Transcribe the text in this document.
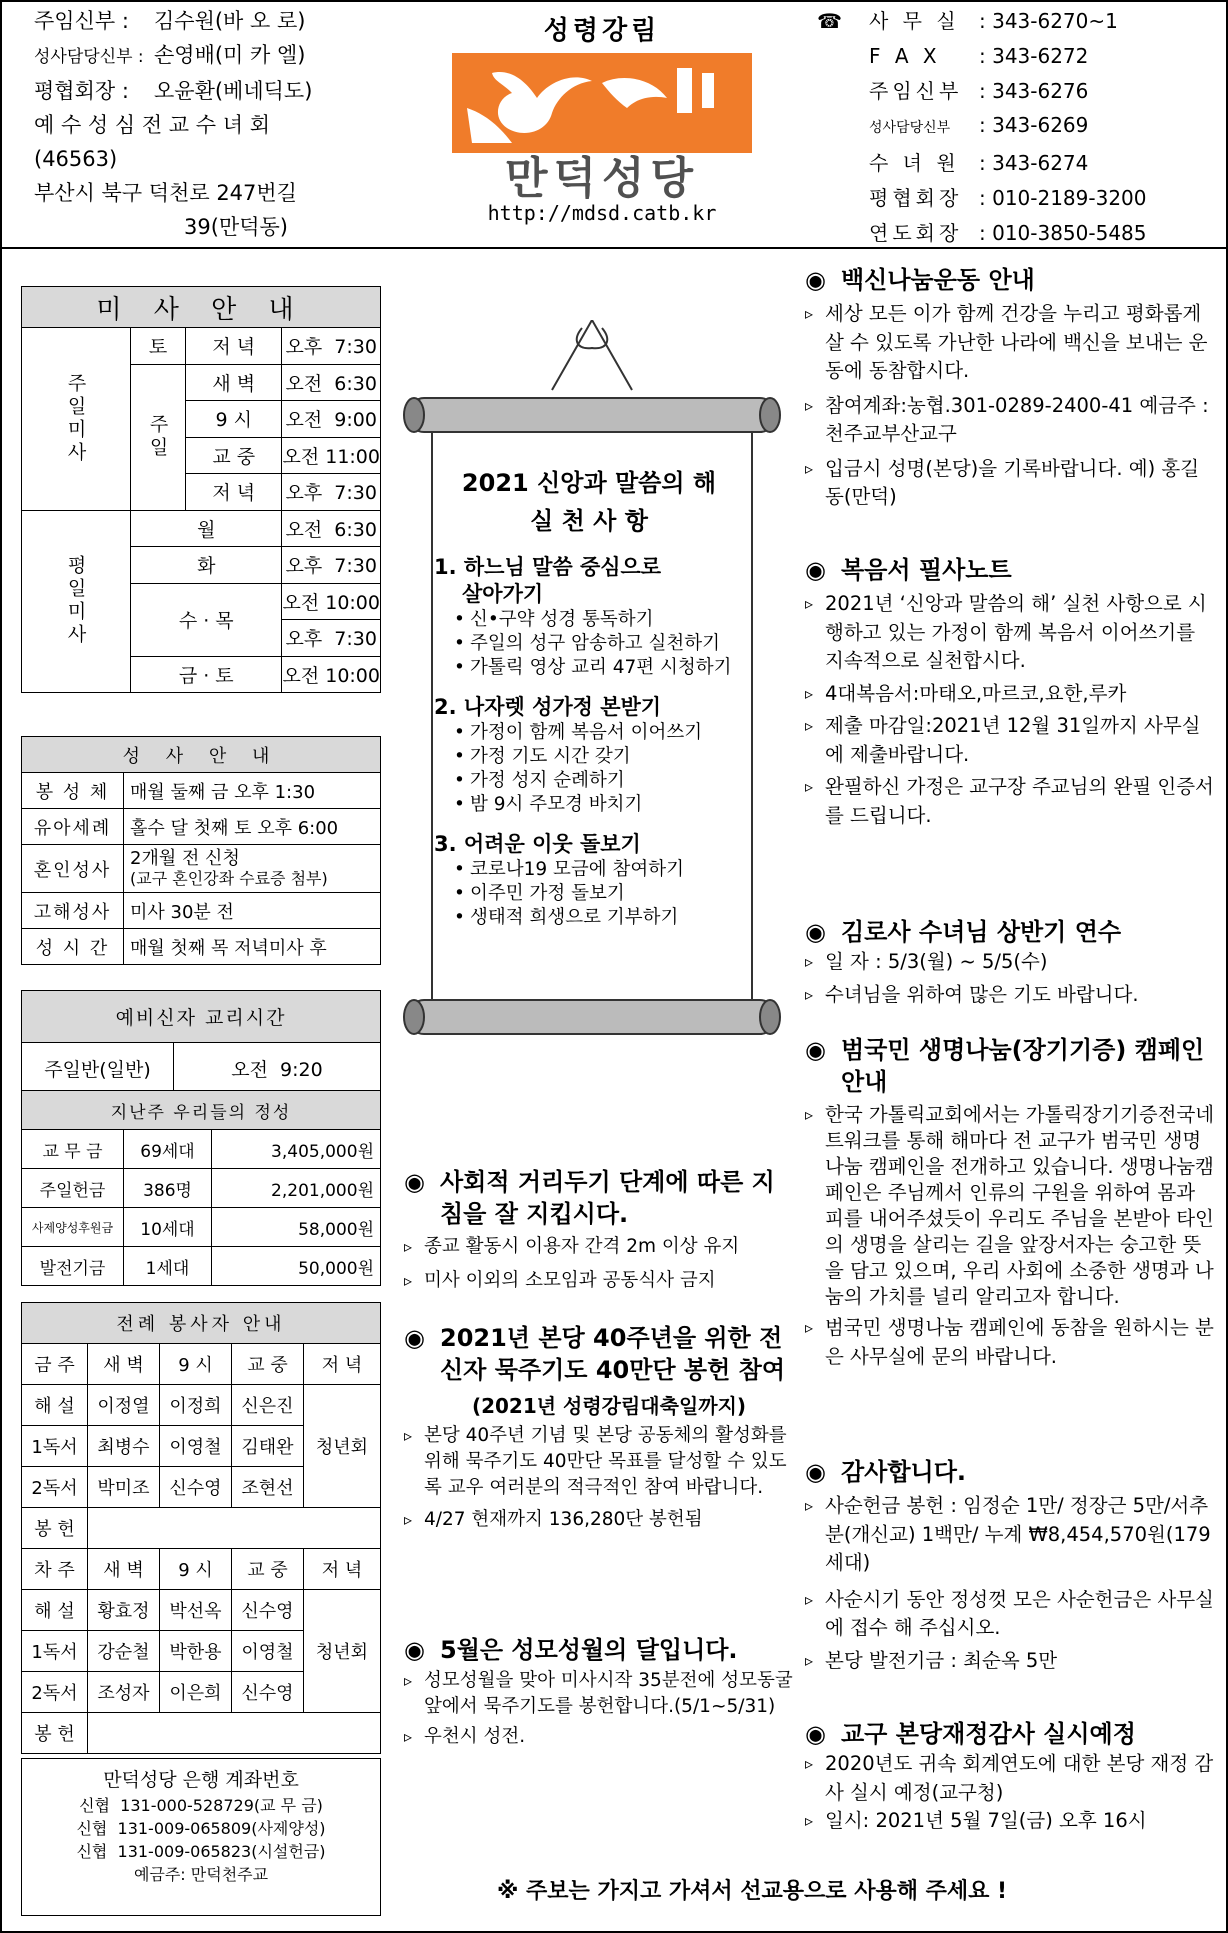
주임신부 : 김수원(바 오 로)
성사담당신부 : 손영배(미 카 엘)
평협회장 : 오윤환(베네딕도)
예 수 성 심 전 교 수 녀 회
(46563)
부산시 북구 덕천로 247번길
39(만덕동)
성령강림
만덕성당
http://mdsd.catb.kr
☎ 사 무 실 : 343-6270~1
F A X : 343-6272
주임신부 : 343-6276
성사담당신부 : 343-6269
수 녀 원 : 343-6274
평협회장 : 010-2189-3200
연도회장 : 010-3850-5485
미 사 안 내			
주일미사	토	저 녁	오후  7:30
	주일	새 벽	오전  6:30
		9 시	오전  9:00
		교 중	오전 11:00
		저 녁	오후  7:30
평일미사	월		오전  6:30
	화		오후  7:30
	수 · 목		오전 10:00
			오후  7:30
	금 · 토		오전 10:00
성 사 안 내	
봉 성 체	매월 둘째 금 오후 1:30
유아세례	홀수 달 첫째 토 오후 6:00
혼인성사	2개월 전 신청
(교구 혼인강좌 수료증 첨부)
고해성사	미사 30분 전
성 시 간	매월 첫째 목 저녁미사 후
예비신자 교리시간
주일반(일반)	오전  9:20
지난주 우리들의 정성		
교 무 금	69세대	3,405,000원
주일헌금	386명	2,201,000원
사제양성후원금	10세대	58,000원
발전기금	1세대	50,000원
전례 봉사자 안내				
금 주	새 벽	9 시	교 중	저 녁
해 설	이정열	이정희	신은진	청년회
1독서	최병수	이영철	김태완	
2독서	박미조	신수영	조현선	
봉 헌				
차 주	새 벽	9 시	교 중	저 녁
해 설	황효정	박선옥	신수영	청년회
1독서	강순철	박한용	이영철	
2독서	조성자	이은희	신수영	
봉 헌				
만덕성당 은행 계좌번호
신협  131-000-528729(교 무 금)
신협  131-009-065809(사제양성)
신협  131-009-065823(시설헌금)
예금주: 만덕천주교
2021 신앙과 말씀의 해
실 천 사 항
1. 하느님 말씀 중심으로
살아가기
• 신•구약 성경 통독하기
• 주일의 성구 암송하고 실천하기
• 가톨릭 영상 교리 47편 시청하기
2. 나자렛 성가정 본받기
• 가정이 함께 복음서 이어쓰기
• 가정 기도 시간 갖기
• 가정 성지 순례하기
• 밤 9시 주모경 바치기
3. 어려운 이웃 돌보기
• 코로나19 모금에 참여하기
• 이주민 가정 돌보기
• 생태적 희생으로 기부하기
◉ 사회적 거리두기 단계에 따른 지침을 잘 지킵시다.
▹ 종교 활동시 이용자 간격 2m 이상 유지
▹ 미사 이외의 소모임과 공동식사 금지
◉ 2021년 본당 40주년을 위한 전신자 묵주기도 40만단 봉헌 참여
(2021년 성령강림대축일까지)
▹ 본당 40주년 기념 및 본당 공동체의 활성화를 위해 묵주기도 40만단 목표를 달성할 수 있도록 교우 여러분의 적극적인 참여 바랍니다.
▹ 4/27 현재까지 136,280단 봉헌됨
◉ 5월은 성모성월의 달입니다.
▹ 성모성월을 맞아 미사시작 35분전에 성모동굴 앞에서 묵주기도를 봉헌합니다.(5/1~5/31)
▹ 우천시 성전.
◉ 백신나눔운동 안내
▹ 세상 모든 이가 함께 건강을 누리고 평화롭게 살 수 있도록 가난한 나라에 백신을 보내는 운동에 동참합시다.
▹ 참여계좌:농협.301-0289-2400-41 예금주 : 천주교부산교구
▹ 입금시 성명(본당)을 기록바랍니다. 예) 홍길동(만덕)
◉ 복음서 필사노트
▹ 2021년 ‘신앙과 말씀의 해’ 실천 사항으로 시행하고 있는 가정이 함께 복음서 이어쓰기를 지속적으로 실천합시다.
▹ 4대복음서:마태오,마르코,요한,루카
▹ 제출 마감일:2021년 12월 31일까지 사무실에 제출바랍니다.
▹ 완필하신 가정은 교구장 주교님의 완필 인증서를 드립니다.
◉ 김로사 수녀님 상반기 연수
▹ 일 자 : 5/3(월) ~ 5/5(수)
▹ 수녀님을 위하여 많은 기도 바랍니다.
◉ 범국민 생명나눔(장기기증) 캠페인 안내
▹ 한국 가톨릭교회에서는 가톨릭장기기증전국네트워크를 통해 해마다 전 교구가 범국민 생명나눔 캠페인을 전개하고 있습니다. 생명나눔캠페인은 주님께서 인류의 구원을 위하여 몸과 피를 내어주셨듯이 우리도 주님을 본받아 타인의 생명을 살리는 길을 앞장서자는 숭고한 뜻을 담고 있으며, 우리 사회에 소중한 생명과 나눔의 가치를 널리 알리고자 합니다.
▹ 범국민 생명나눔 캠페인에 동참을 원하시는 분은 사무실에 문의 바랍니다.
◉ 감사합니다.
▹ 사순헌금 봉헌 : 임정순 1만/ 정장근 5만/서추분(개신교) 1백만/ 누계 ₩8,454,570원(179세대)
▹ 사순시기 동안 정성껏 모은 사순헌금은 사무실에 접수 해 주십시오.
▹ 본당 발전기금 : 최순옥 5만
◉ 교구 본당재정감사 실시예정
▹ 2020년도 귀속 회계연도에 대한 본당 재정 감사 실시 예정(교구청)
▹ 일시: 2021년 5월 7일(금) 오후 16시
※ 주보는 가지고 가셔서 선교용으로 사용해 주세요 !
